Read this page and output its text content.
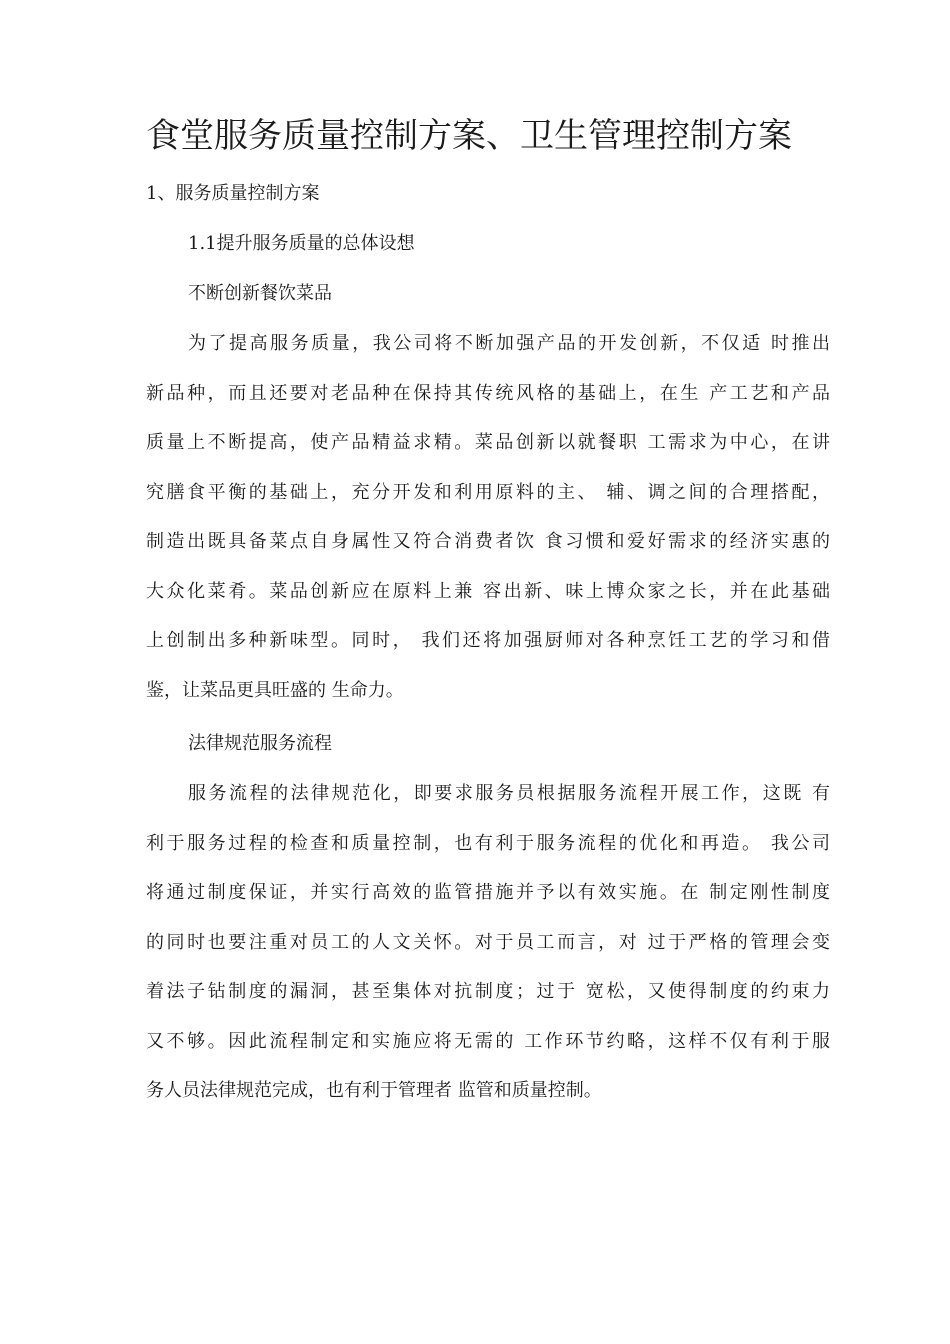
食堂服务质量控制方案、卫生管理控制方案
1、服务质量控制方案
1.1提升服务质量的总体设想
不断创新餐饮菜品
为了提高服务质量，我公司将不断加强产品的开发创新，不仅适 时推出
新品种，而且还要对老品种在保持其传统风格的基础上，在生 产工艺和产品
质量上不断提高，使产品精益求精。菜品创新以就餐职 工需求为中心，在讲
究膳食平衡的基础上，充分开发和利用原料的主、 辅、调之间的合理搭配，
制造出既具备菜点自身属性又符合消费者饮 食习惯和爱好需求的经济实惠的
大众化菜肴。菜品创新应在原料上兼 容出新、味上博众家之长，并在此基础
上创制出多种新味型。同时， 我们还将加强厨师对各种烹饪工艺的学习和借
鉴，让菜品更具旺盛的 生命力。
法律规范服务流程
服务流程的法律规范化，即要求服务员根据服务流程开展工作，这既 有
利于服务过程的检查和质量控制，也有利于服务流程的优化和再造。 我公司
将通过制度保证，并实行高效的监管措施并予以有效实施。在 制定刚性制度
的同时也要注重对员工的人文关怀。对于员工而言，对 过于严格的管理会变
着法子钻制度的漏洞，甚至集体对抗制度；过于 宽松，又使得制度的约束力
又不够。因此流程制定和实施应将无需的 工作环节约略，这样不仅有利于服
务人员法律规范完成，也有利于管理者 监管和质量控制。
